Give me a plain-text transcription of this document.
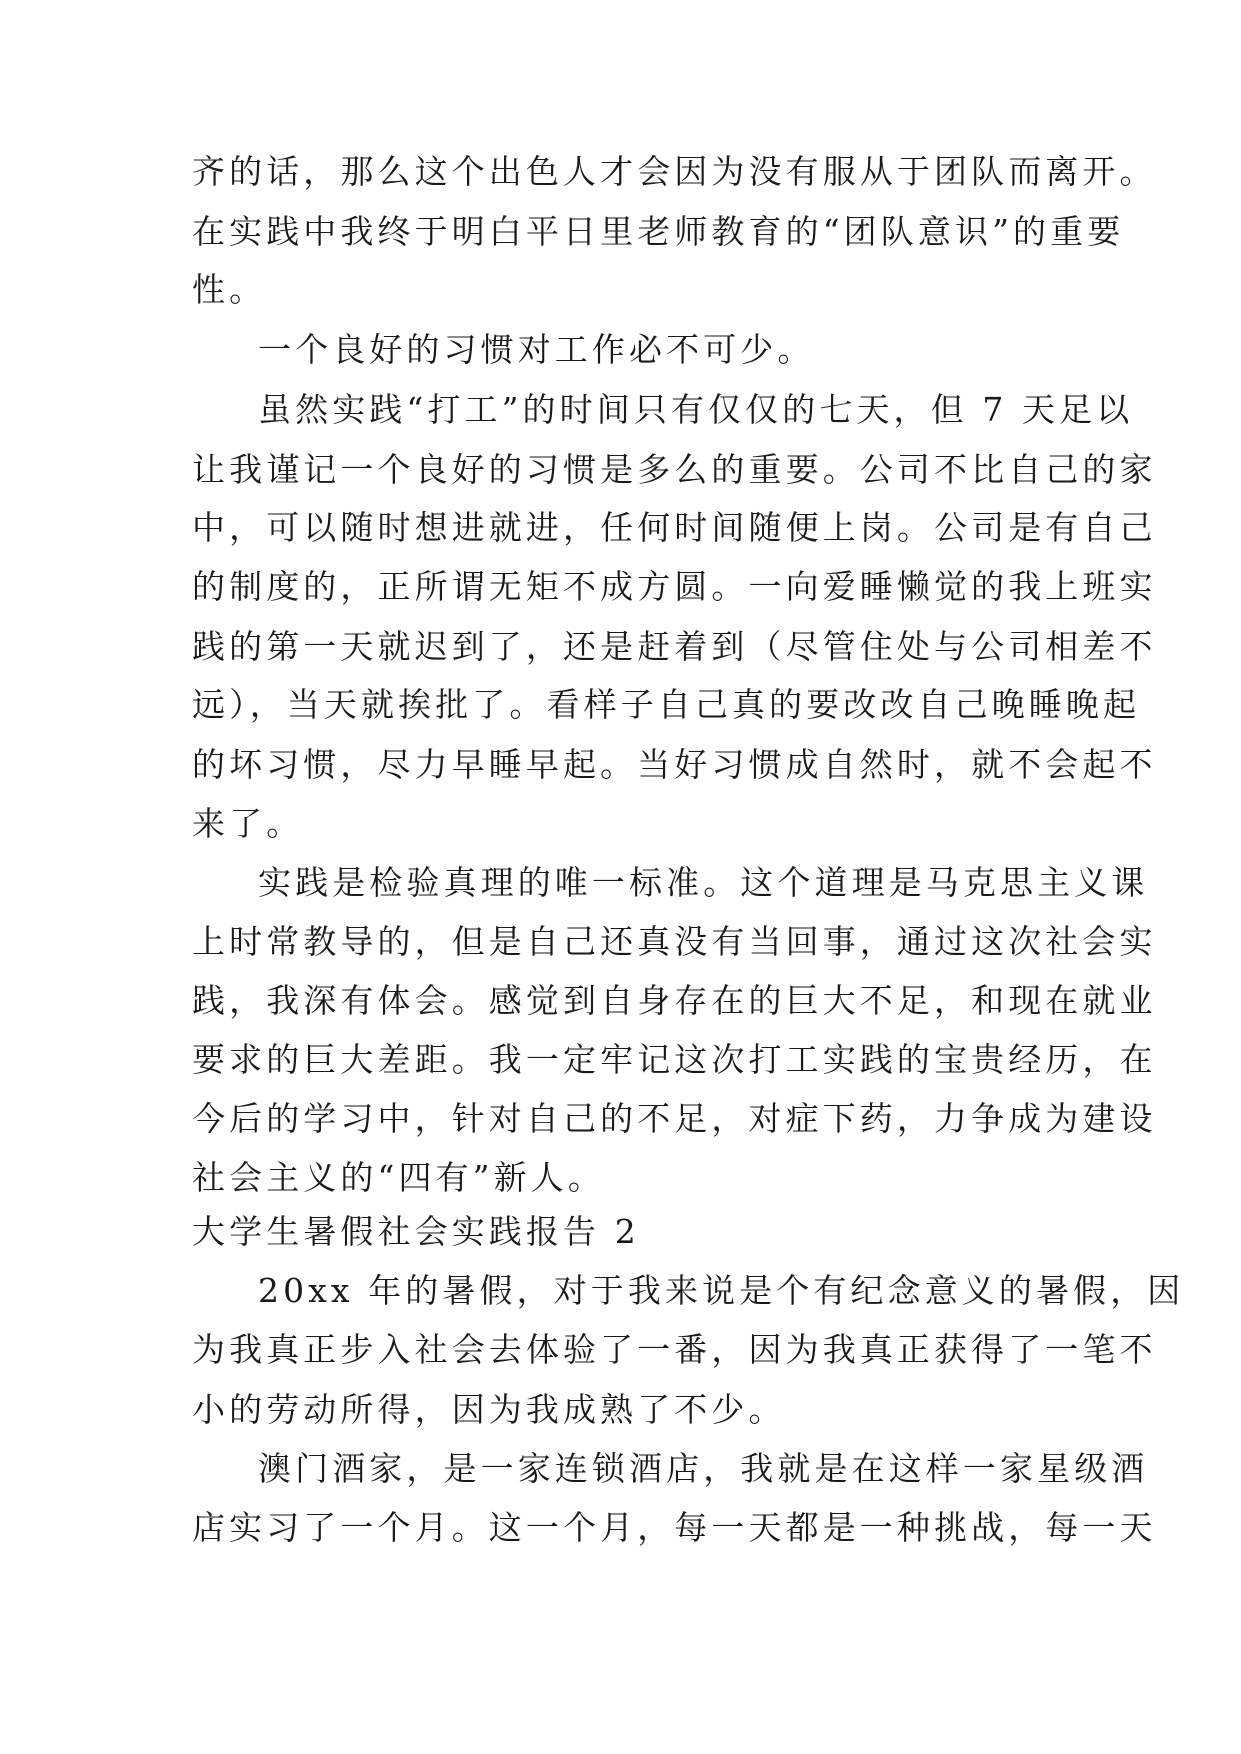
齐的话，那么这个出色人才会因为没有服从于团队而离开。
在实践中我终于明白平日里老师教育的“团队意识”的重要
性。
一个良好的习惯对工作必不可少。
虽然实践“打工”的时间只有仅仅的七天，但 7 天足以
让我谨记一个良好的习惯是多么的重要。公司不比自己的家
中，可以随时想进就进，任何时间随便上岗。公司是有自己
的制度的，正所谓无矩不成方圆。一向爱睡懒觉的我上班实
践的第一天就迟到了，还是赶着到（尽管住处与公司相差不
远），当天就挨批了。看样子自己真的要改改自己晚睡晚起
的坏习惯，尽力早睡早起。当好习惯成自然时，就不会起不
来了。
实践是检验真理的唯一标准。这个道理是马克思主义课
上时常教导的，但是自己还真没有当回事，通过这次社会实
践，我深有体会。感觉到自身存在的巨大不足，和现在就业
要求的巨大差距。我一定牢记这次打工实践的宝贵经历，在
今后的学习中，针对自己的不足，对症下药，力争成为建设
社会主义的“四有”新人。
大学生暑假社会实践报告 2
20xx 年的暑假，对于我来说是个有纪念意义的暑假，因
为我真正步入社会去体验了一番，因为我真正获得了一笔不
小的劳动所得，因为我成熟了不少。
澳门酒家，是一家连锁酒店，我就是在这样一家星级酒
店实习了一个月。这一个月，每一天都是一种挑战，每一天
